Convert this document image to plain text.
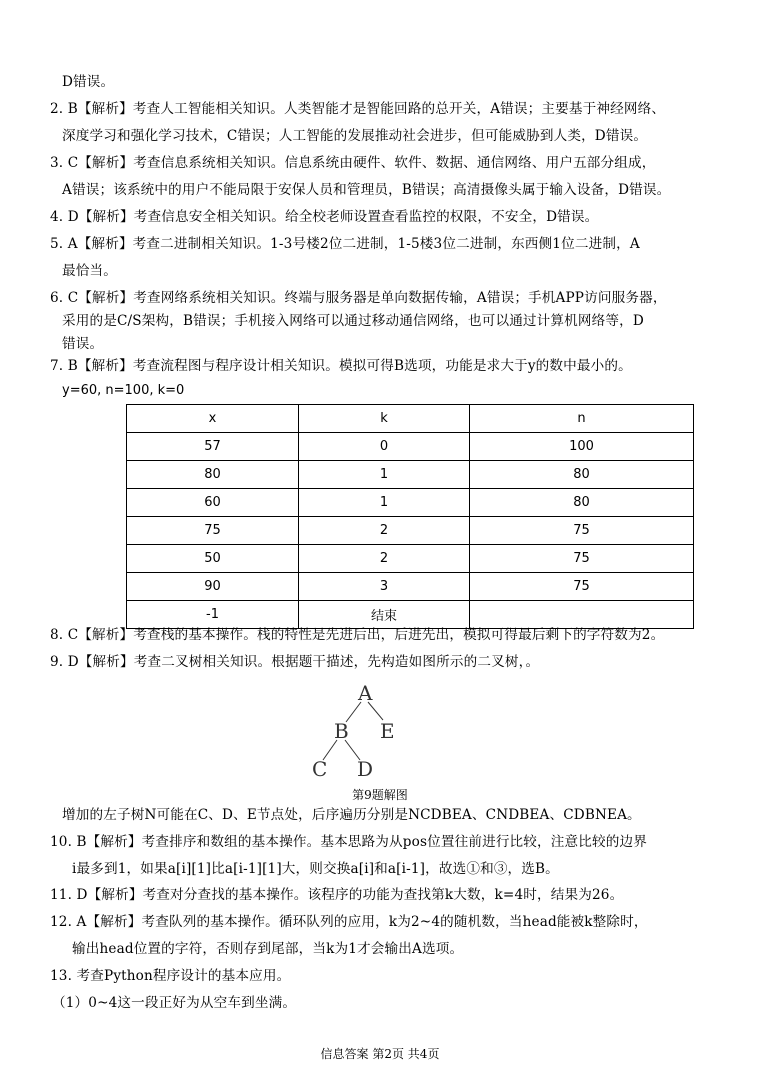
D错误。
2. B【解析】考查人工智能相关知识。人类智能才是智能回路的总开关，A错误；主要基于神经网络、
深度学习和强化学习技术，C错误；人工智能的发展推动社会进步，但可能威胁到人类，D错误。
3. C【解析】考查信息系统相关知识。信息系统由硬件、软件、数据、通信网络、用户五部分组成，
A错误；该系统中的用户不能局限于安保人员和管理员，B错误；高清摄像头属于输入设备，D错误。
4. D【解析】考查信息安全相关知识。给全校老师设置查看监控的权限，不安全，D错误。
5. A【解析】考查二进制相关知识。1-3号楼2位二进制，1-5楼3位二进制，东西侧1位二进制，A
最恰当。
6. C【解析】考查网络系统相关知识。终端与服务器是单向数据传输，A错误；手机APP访问服务器，
采用的是C/S架构，B错误；手机接入网络可以通过移动通信网络，也可以通过计算机网络等，D
错误。
7. B【解析】考查流程图与程序设计相关知识。模拟可得B选项，功能是求大于y的数中最小的。
y=60, n=100, k=0
x	k	n
57	0	100
80	1	80
60	1	80
75	2	75
50	2	75
90	3	75
-1	结束	
8. C【解析】考查栈的基本操作。栈的特性是先进后出，后进先出，模拟可得最后剩下的字符数为2。
9. D【解析】考查二叉树相关知识。根据题干描述，先构造如图所示的二叉树，。
A
B E
C D
第9题解图
增加的左子树N可能在C、D、E节点处，后序遍历分别是NCDBEA、CNDBEA、CDBNEA。
10. B【解析】考查排序和数组的基本操作。基本思路为从pos位置往前进行比较，注意比较的边界
i最多到1，如果a[i][1]比a[i-1][1]大，则交换a[i]和a[i-1]，故选①和③，选B。
11. D【解析】考查对分查找的基本操作。该程序的功能为查找第k大数，k=4时，结果为26。
12. A【解析】考查队列的基本操作。循环队列的应用，k为2~4的随机数，当head能被k整除时，
输出head位置的字符，否则存到尾部，当k为1才会输出A选项。
13. 考查Python程序设计的基本应用。
（1）0~4这一段正好为从空车到坐满。
信息答案 第2页 共4页
